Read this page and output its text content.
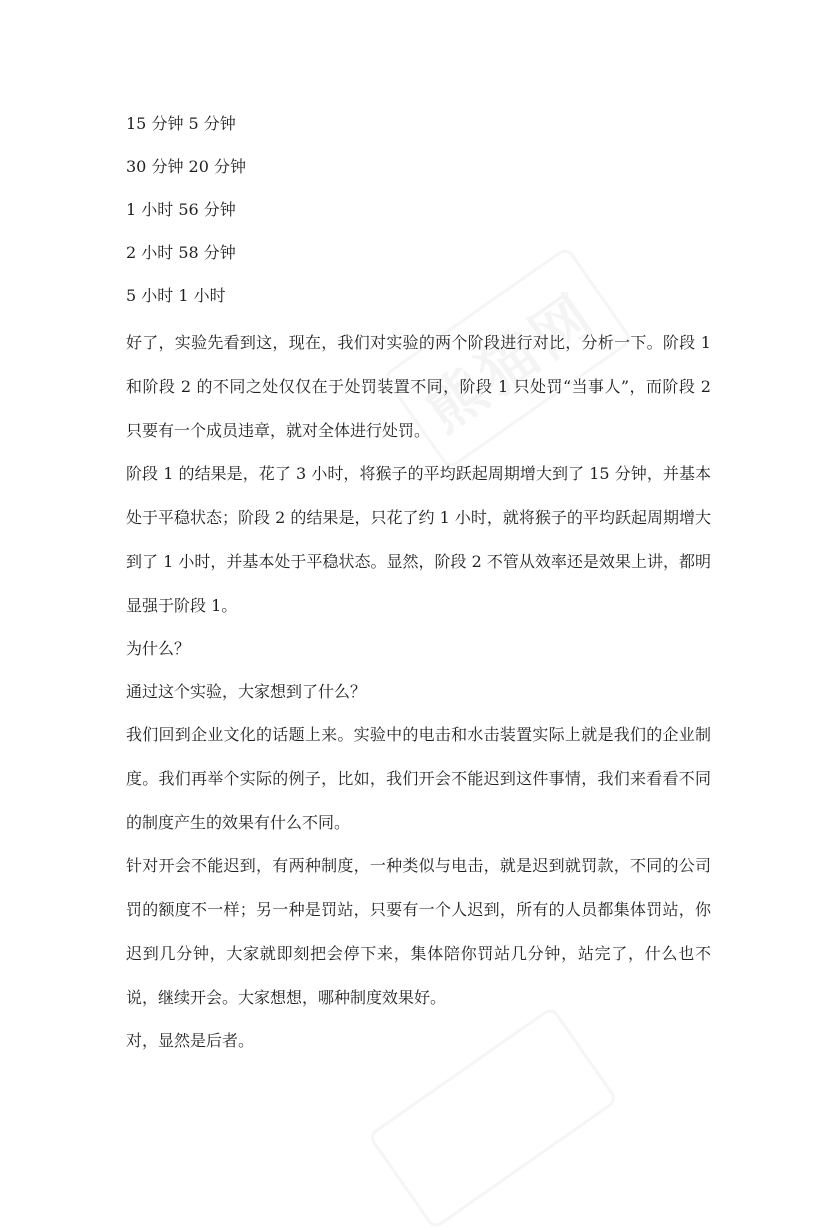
15 分钟 5 分钟
30 分钟 20 分钟
1 小时 56 分钟
2 小时 58 分钟
5 小时 1 小时

好了，实验先看到这，现在，我们对实验的两个阶段进行对比，分析一下。阶段 1 和阶段 2 的不同之处仅仅在于处罚装置不同，阶段 1 只处罚“当事人”，而阶段 2 只要有一个成员违章，就对全体进行处罚。

阶段 1 的结果是，花了 3 小时，将猴子的平均跃起周期增大到了 15 分钟，并基本处于平稳状态；阶段 2 的结果是，只花了约 1 小时，就将猴子的平均跃起周期增大到了 1 小时，并基本处于平稳状态。显然，阶段 2 不管从效率还是效果上讲，都明显强于阶段 1。

为什么？

通过这个实验，大家想到了什么？

我们回到企业文化的话题上来。实验中的电击和水击装置实际上就是我们的企业制度。我们再举个实际的例子，比如，我们开会不能迟到这件事情，我们来看看不同的制度产生的效果有什么不同。

针对开会不能迟到，有两种制度，一种类似与电击，就是迟到就罚款，不同的公司罚的额度不一样；另一种是罚站，只要有一个人迟到，所有的人员都集体罚站，你迟到几分钟，大家就即刻把会停下来，集体陪你罚站几分钟，站完了，什么也不说，继续开会。大家想想，哪种制度效果好。

对，显然是后者。
